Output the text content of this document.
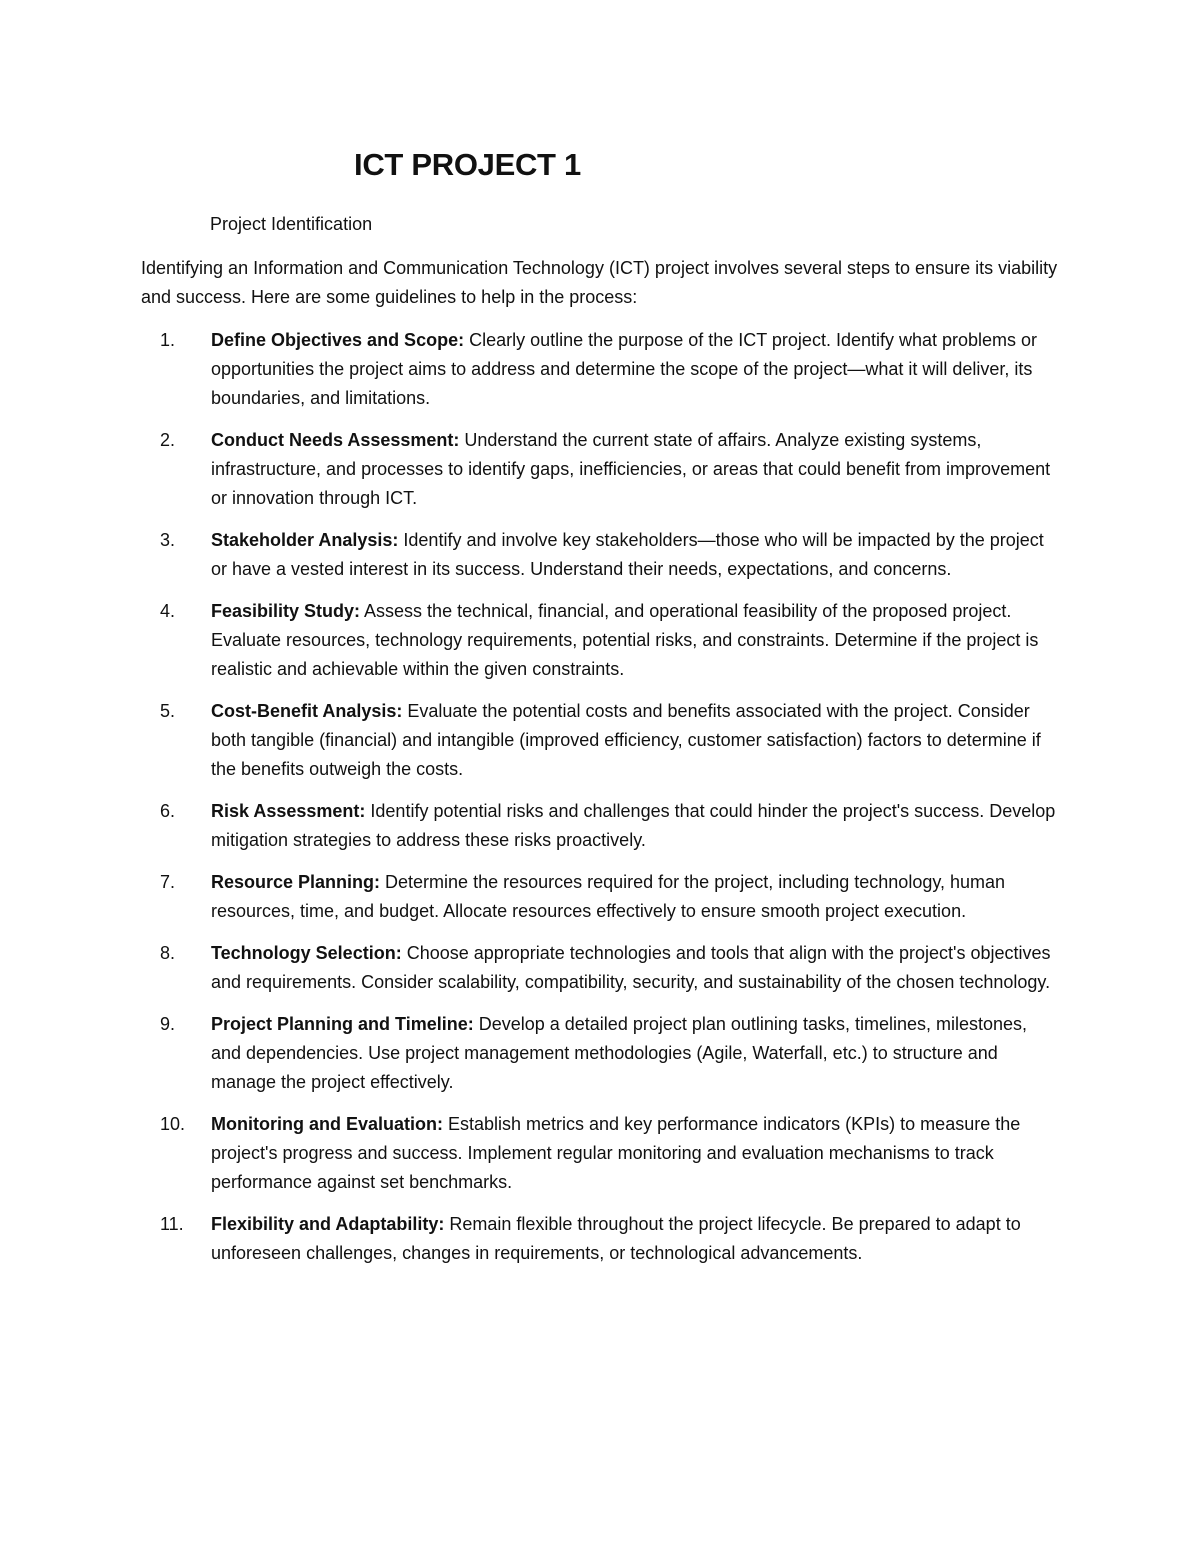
ICT PROJECT 1

Project Identification

Identifying an Information and Communication Technology (ICT) project involves several steps to ensure its viability and success. Here are some guidelines to help in the process:

1.	Define Objectives and Scope: Clearly outline the purpose of the ICT project. Identify what problems or opportunities the project aims to address and determine the scope of the project—what it will deliver, its boundaries, and limitations.
2.	Conduct Needs Assessment: Understand the current state of affairs. Analyze existing systems, infrastructure, and processes to identify gaps, inefficiencies, or areas that could benefit from improvement or innovation through ICT.
3.	Stakeholder Analysis: Identify and involve key stakeholders—those who will be impacted by the project or have a vested interest in its success. Understand their needs, expectations, and concerns.
4.	Feasibility Study: Assess the technical, financial, and operational feasibility of the proposed project. Evaluate resources, technology requirements, potential risks, and constraints. Determine if the project is realistic and achievable within the given constraints.
5.	Cost-Benefit Analysis: Evaluate the potential costs and benefits associated with the project. Consider both tangible (financial) and intangible (improved efficiency, customer satisfaction) factors to determine if the benefits outweigh the costs.
6.	Risk Assessment: Identify potential risks and challenges that could hinder the project's success. Develop mitigation strategies to address these risks proactively.
7.	Resource Planning: Determine the resources required for the project, including technology, human resources, time, and budget. Allocate resources effectively to ensure smooth project execution.
8.	Technology Selection: Choose appropriate technologies and tools that align with the project's objectives and requirements. Consider scalability, compatibility, security, and sustainability of the chosen technology.
9.	Project Planning and Timeline: Develop a detailed project plan outlining tasks, timelines, milestones, and dependencies. Use project management methodologies (Agile, Waterfall, etc.) to structure and manage the project effectively.
10.	Monitoring and Evaluation: Establish metrics and key performance indicators (KPIs) to measure the project's progress and success. Implement regular monitoring and evaluation mechanisms to track performance against set benchmarks.
11.	Flexibility and Adaptability: Remain flexible throughout the project lifecycle. Be prepared to adapt to unforeseen challenges, changes in requirements, or technological advancements.
